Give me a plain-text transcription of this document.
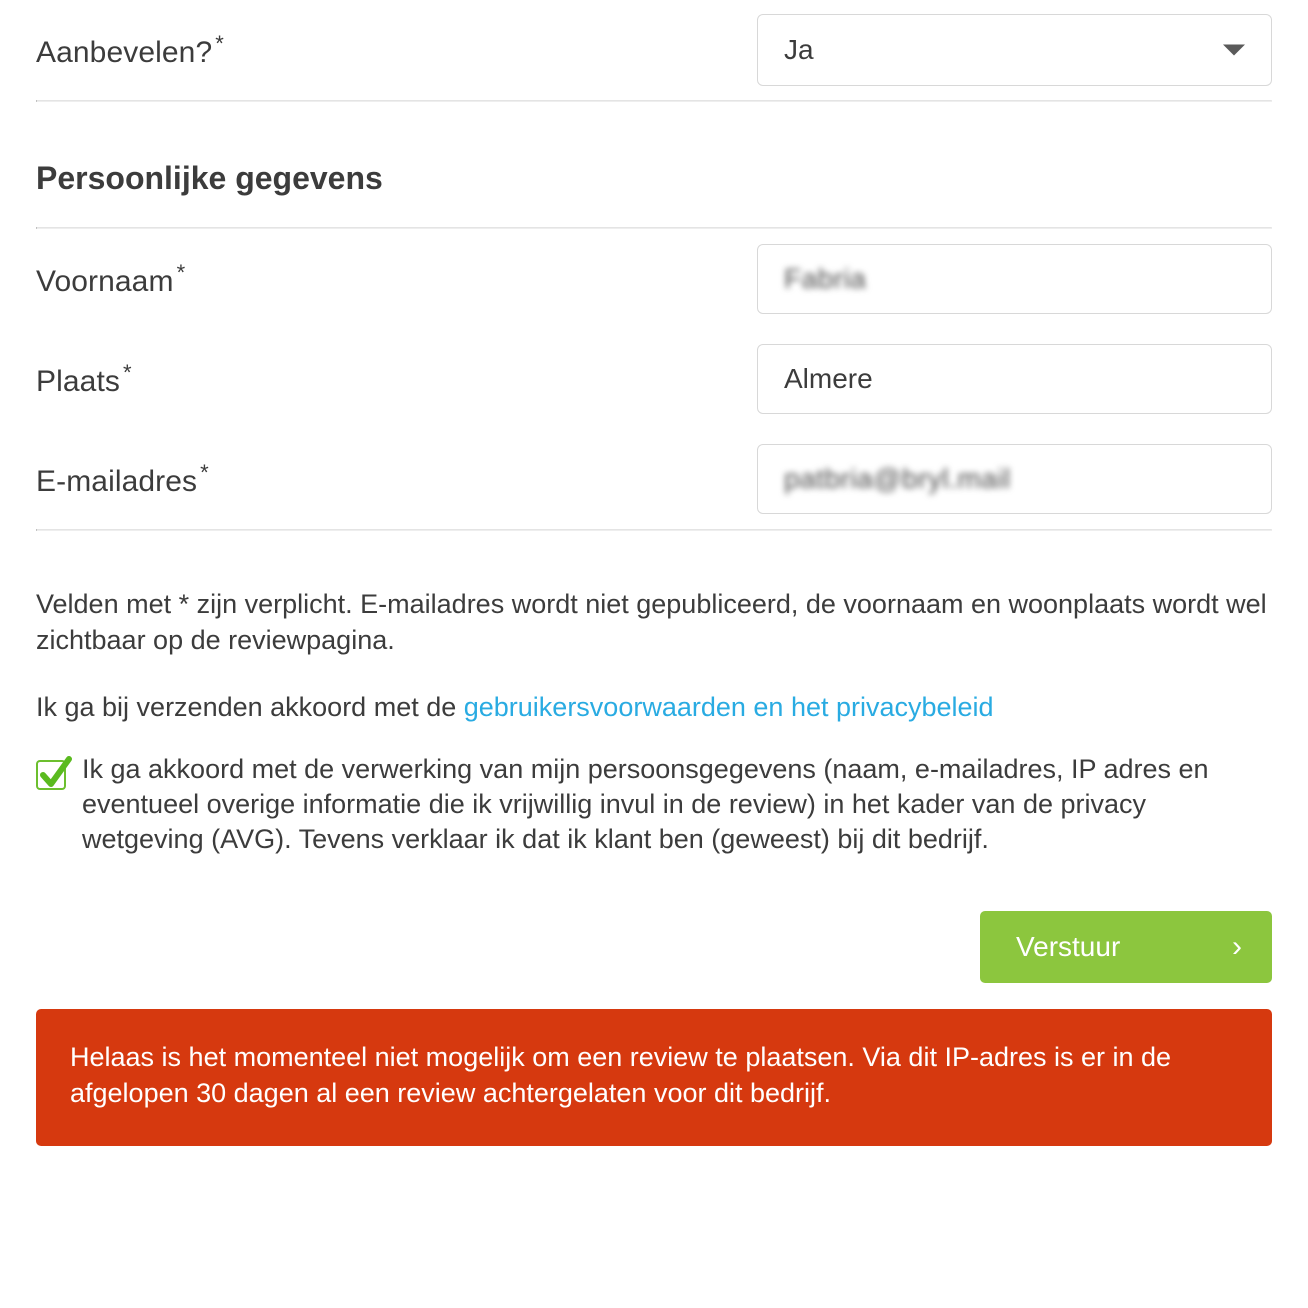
Aanbevelen? *	Ja
Persoonlijke gegevens
Voornaam *	Fabria
Plaats *	Almere
E-mailadres *	patbria@bryl.mail
Velden met * zijn verplicht. E-mailadres wordt niet gepubliceerd, de voornaam en woonplaats wordt wel zichtbaar op de reviewpagina.
Ik ga bij verzenden akkoord met de gebruikersvoorwaarden en het privacybeleid
Ik ga akkoord met de verwerking van mijn persoonsgegevens (naam, e-mailadres, IP adres en eventueel overige informatie die ik vrijwillig invul in de review) in het kader van de privacy wetgeving (AVG). Tevens verklaar ik dat ik klant ben (geweest) bij dit bedrijf.
Verstuur	›
Helaas is het momenteel niet mogelijk om een review te plaatsen. Via dit IP-adres is er in de afgelopen 30 dagen al een review achtergelaten voor dit bedrijf.
